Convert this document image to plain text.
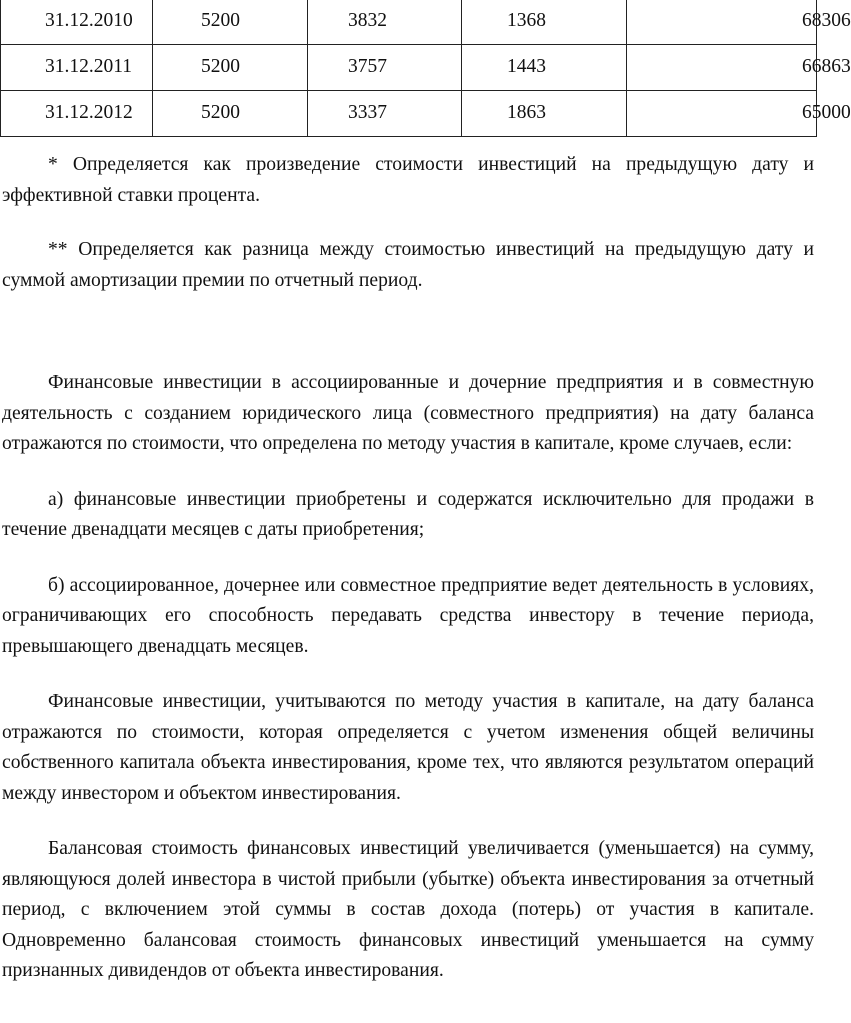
31.12.2010	5200	3832	1368	68306

31.12.2011	5200	3757	1443	66863

31.12.2012	5200	3337	1863	65000

* Определяется как произведение стоимости инвестиций на предыдущую дату и эффективной ставки процента.

** Определяется как разница между стоимостью инвестиций на предыдущую дату и суммой амортизации премии по отчетный период.

Финансовые инвестиции в ассоциированные и дочерние предприятия и в совместную деятельность с созданием юридического лица (совместного предприятия) на дату баланса отражаются по стоимости, что определена по методу участия в капитале, кроме случаев, если:

а) финансовые инвестиции приобретены и содержатся исключительно для продажи в течение двенадцати месяцев с даты приобретения;

б) ассоциированное, дочернее или совместное предприятие ведет деятельность в условиях, ограничивающих его способность передавать средства инвестору в течение периода, превышающего двенадцать месяцев.

Финансовые инвестиции, учитываются по методу участия в капитале, на дату баланса отражаются по стоимости, которая определяется с учетом изменения общей величины собственного капитала объекта инвестирования, кроме тех, что являются результатом операций между инвестором и объектом инвестирования.

Балансовая стоимость финансовых инвестиций увеличивается (уменьшается) на сумму, являющуюся долей инвестора в чистой прибыли (убытке) объекта инвестирования за отчетный период, с включением этой суммы в состав дохода (потерь) от участия в капитале. Одновременно балансовая стоимость финансовых инвестиций уменьшается на сумму признанных дивидендов от объекта инвестирования.
